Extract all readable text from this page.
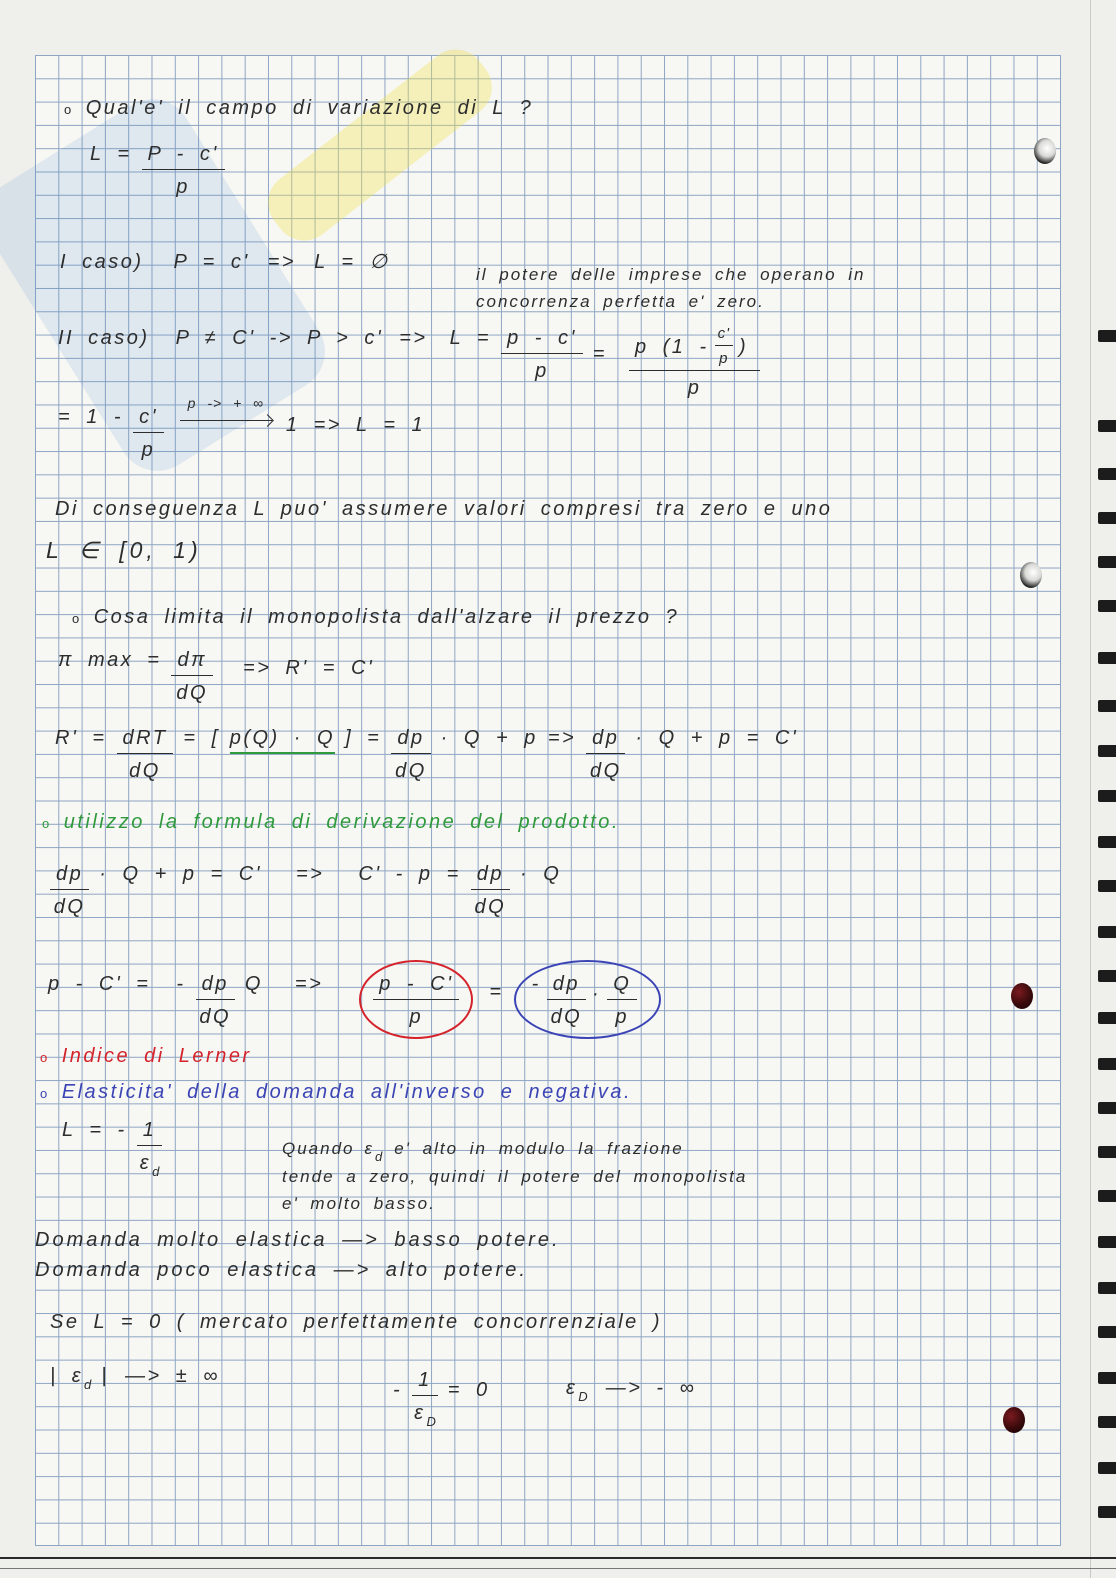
o Qual'e' il campo di variazione di L ?
$L = \frac{P - c'}{p}$
I caso) P = c' => L = ∅
il potere delle imprese che operano in
concorrenza perfetta e' zero.
II caso) $P \ne C' -> P > c' => L = \frac{p - c'}{p} = \frac{p (1 - \frac{c'}{p} )}{p}$
= $1 - \frac{c'}{p}$
p -> + ∞
1 => L = 1
Di conseguenza L puo' assumere valori compresi tra zero e uno
L ∈ [0, 1)
o Cosa limita il monopolista dall'alzare il prezzo ?
π $\max = \frac{d\pi}{dQ} => R' = C'$
$R' = \frac{\text{dRT}}{dQ}$ = [ p(Q) · Q ] = $\frac{dp}{dQ} \cdot Q + p => \frac{dp}{dQ} \cdot Q + p = C'$
o utilizzo la formula di derivazione del prodotto.
$\frac{dp}{dQ} \cdot Q + p = C' => C' - p = \frac{dp}{dQ} \cdot Q$
p - C' = - $\frac{dp}{dQ}$ Q =>	$\frac{p - C'}{p}$ = - $\frac{dp}{dQ} \cdot \frac{Q}{p}$
o Indice di Lerner
o Elasticita' della domanda all'inverso e negativa.
L = - $\frac{1}{\varepsilon_d}$	Quando $\varepsilon_d$ e' alto in modulo la frazione
tende a zero, quindi il potere del monopolista
e' molto basso.
Domanda molto elastica —> basso potere.
Domanda poco elastica —> alto potere.
Se L = 0 ( mercato perfettamente concorrenziale )
| $\varepsilon_d$ | —> ± ∞
- $\frac{1}{\varepsilon_D} = 0$	$\varepsilon_D$ —> - ∞
